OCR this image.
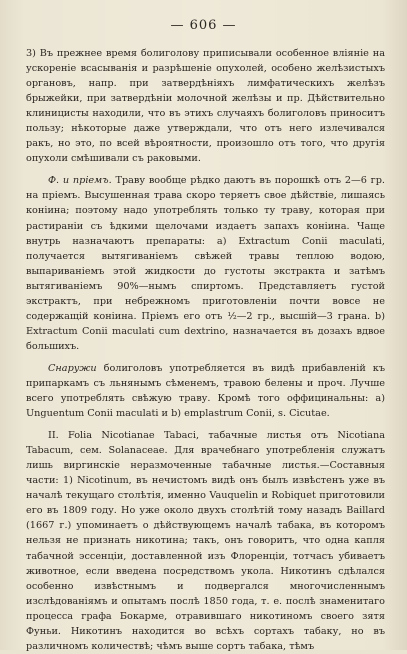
— 606 —

3) Въ прежнее время болиголову приписывали особенное вліяніе на ускореніе всасыванія и разрѣшеніе опухолей, особено желѣзистыхъ органовъ, напр. при затвердѣніяхъ лимфатическихъ желѣзъ брыжейки, при затвердѣніи молочной желѣзы и пр. Дѣйствительно клиницисты находили, что въ этихъ случаяхъ болиголовъ приноситъ пользу; нѣкоторые даже утверждали, что отъ него излечивался ракъ, но это, по всей вѣроятности, произошло отъ того, что другія опухоли смѣшивали съ раковыми.

Ф. и пріемъ. Траву вообще рѣдко даютъ въ порошкѣ отъ 2—6 гр. на пріемъ. Высушенная трава скоро теряетъ свое дѣйствіе, лишаясь коніина; поэтому надо употреблять только ту траву, которая при растираніи съ ѣдкими щелочами издаетъ запахъ коніина. Чаще внутрь назначаютъ препараты: a) Extractum Conii maculati, получается вытягиваніемъ свѣжей травы теплою водою, выпариваніемъ этой жидкости до густоты экстракта и затѣмъ вытягиваніемъ 90%—нымъ спиртомъ. Представляетъ густой экстрактъ, при небрежномъ приготовленіи почти вовсе не содержащій коніина. Пріемъ его отъ ½—2 гр., высшій—3 грана. b) Extractum Conii maculati cum dextrino, назначается въ дозахъ вдвое большихъ.

Снаружи болиголовъ употребляется въ видѣ прибавленій къ припаркамъ съ льнянымъ сѣменемъ, травою белены и проч. Лучше всего употреблять свѣжую траву. Кромѣ того оффицинальны: a) Unguentum Conii maculati и b) emplastrum Conii, s. Cicutae.

II. Folia Nicotianae Tabaci, табачные листья отъ Nicotiana Tabacum, сем. Solanaceae. Для врачебнаго употребленія служатъ лишь виргинскіе неразмоченные табачные листья.—Составныя части: 1) Nicotinum, въ нечистомъ видѣ онъ былъ извѣстенъ уже въ началѣ текущаго столѣтія, именно Vauquelin и Robiquet приготовили его въ 1809 году. Но уже около двухъ столѣтій тому назадъ Baillard (1667 г.) упоминаетъ о дѣйствующемъ началѣ табака, въ которомъ нельзя не признать никотина; такъ, онъ говоритъ, что одна капля табачной эссенціи, доставленной изъ Флоренціи, тотчасъ убиваетъ животное, если введена посредствомъ укола. Никотинъ сдѣлался особенно извѣстнымъ и подвергался многочисленнымъ изслѣдованіямъ и опытамъ послѣ 1850 года, т. е. послѣ знаменитаго процесса графа Бокарме, отравившаго никотиномъ своего зятя Фуньи. Никотинъ находится во всѣхъ сортахъ табаку, но въ различномъ количествѣ; чѣмъ выше сортъ табака, тѣмъ
